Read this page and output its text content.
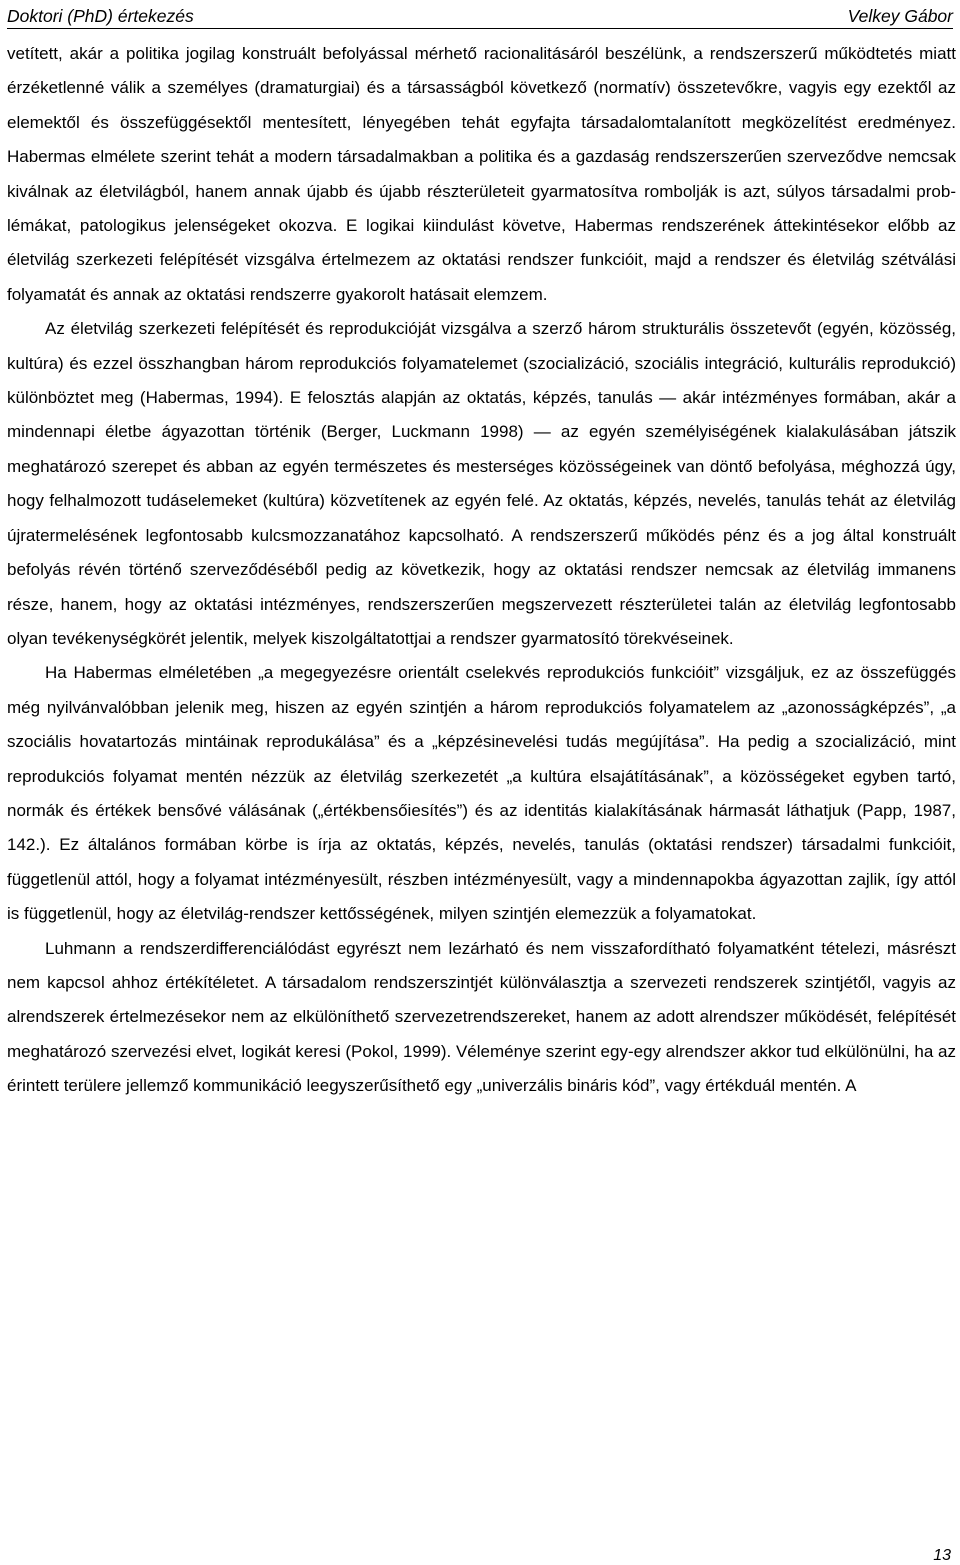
Doktori (PhD) értekezés	Velkey Gábor

vetített, akár a politika jogilag konstruált befolyással mérhető racionalitásáról beszélünk, a rendszerszerű működtetés miatt érzéketlenné válik a személyes (dramaturgiai) és a társasságból következő (normatív) összetevőkre, vagyis egy ezektől az elemektől és összefüggésektől mentesített, lényegében tehát egyfajta társadalomtalanított megközelítést eredményez. Habermas elmélete szerint tehát a modern társadalmakban a politika és a gazdaság rendszerszerűen szerveződve nemcsak kiválnak az életvilágból, hanem annak újabb és újabb részterületeit gyarmatosítva rombolják is azt, súlyos társadalmi problémákat, patologikus jelenségeket okozva. E logikai kiindulást követve, Habermas rendszerének áttekintésekor előbb az életvilág szerkezeti felépítését vizsgálva értelmezem az oktatási rendszer funkcióit, majd a rendszer és életvilág szétválási folyamatát és annak az oktatási rendszerre gyakorolt hatásait elemzem.

Az életvilág szerkezeti felépítését és reprodukcióját vizsgálva a szerző három strukturális összetevőt (egyén, közösség, kultúra) és ezzel összhangban három reprodukciós folyamatelemet (szocializáció, szociális integráció, kulturális reprodukció) különböztet meg (Habermas, 1994). E felosztás alapján az oktatás, képzés, tanulás — akár intézményes formában, akár a mindennapi életbe ágyazottan történik (Berger, Luckmann 1998) — az egyén személyiségének kialakulásában játszik meghatározó szerepet és abban az egyén természetes és mesterséges közösségeinek van döntő befolyása, méghozzá úgy, hogy felhalmozott tudáselemeket (kultúra) közvetítenek az egyén felé. Az oktatás, képzés, nevelés, tanulás tehát az életvilág újratermelésének legfontosabb kulcsmozzanatához kapcsolható. A rendszerszerű működés pénz és a jog által konstruált befolyás révén történő szerveződéséből pedig az következik, hogy az oktatási rendszer nemcsak az életvilág immanens része, hanem, hogy az oktatási intézményes, rendszerszerűen megszervezett részterületei talán az életvilág legfontosabb olyan tevékenységkörét jelentik, melyek kiszolgáltatottjai a rendszer gyarmatosító törekvéseinek.

Ha Habermas elméletében „a megegyezésre orientált cselekvés reprodukciós funkcióit” vizsgáljuk, ez az összefüggés még nyilvánvalóbban jelenik meg, hiszen az egyén szintjén a három reprodukciós folyamatelem az „azonosságképzés”, „a szociális hovatartozás mintáinak reprodukálása” és a „képzésinevelési tudás megújítása”. Ha pedig a szocializáció, mint reprodukciós folyamat mentén nézzük az életvilág szerkezetét „a kultúra elsajátításának”, a közösségeket egyben tartó, normák és értékek bensővé válásának („értékbensőiesítés”) és az identitás kialakításának hármasát láthatjuk (Papp, 1987, 142.). Ez általános formában körbe is írja az oktatás, képzés, nevelés, tanulás (oktatási rendszer) társadalmi funkcióit, függetlenül attól, hogy a folyamat intézményesült, részben intézményesült, vagy a mindennapokba ágyazottan zajlik, így attól is függetlenül, hogy az életvilág-rendszer kettősségének, milyen szintjén elemezzük a folyamatokat.

Luhmann a rendszerdifferenciálódást egyrészt nem lezárható és nem visszafordítható folyamatként tételezi, másrészt nem kapcsol ahhoz értékítéletet. A társadalom rendszerszintjét különválasztja a szervezeti rendszerek szintjétől, vagyis az alrendszerek értelmezésekor nem az elkülöníthető szervezetrendszereket, hanem az adott alrendszer működését, felépítését meghatározó szervezési elvet, logikát keresi (Pokol, 1999). Véleménye szerint egy-egy alrendszer akkor tud elkülönülni, ha az érintett terülere jellemző kommunikáció leegyszerűsíthető egy „univerzális bináris kód”, vagy értékduál mentén. A

13
